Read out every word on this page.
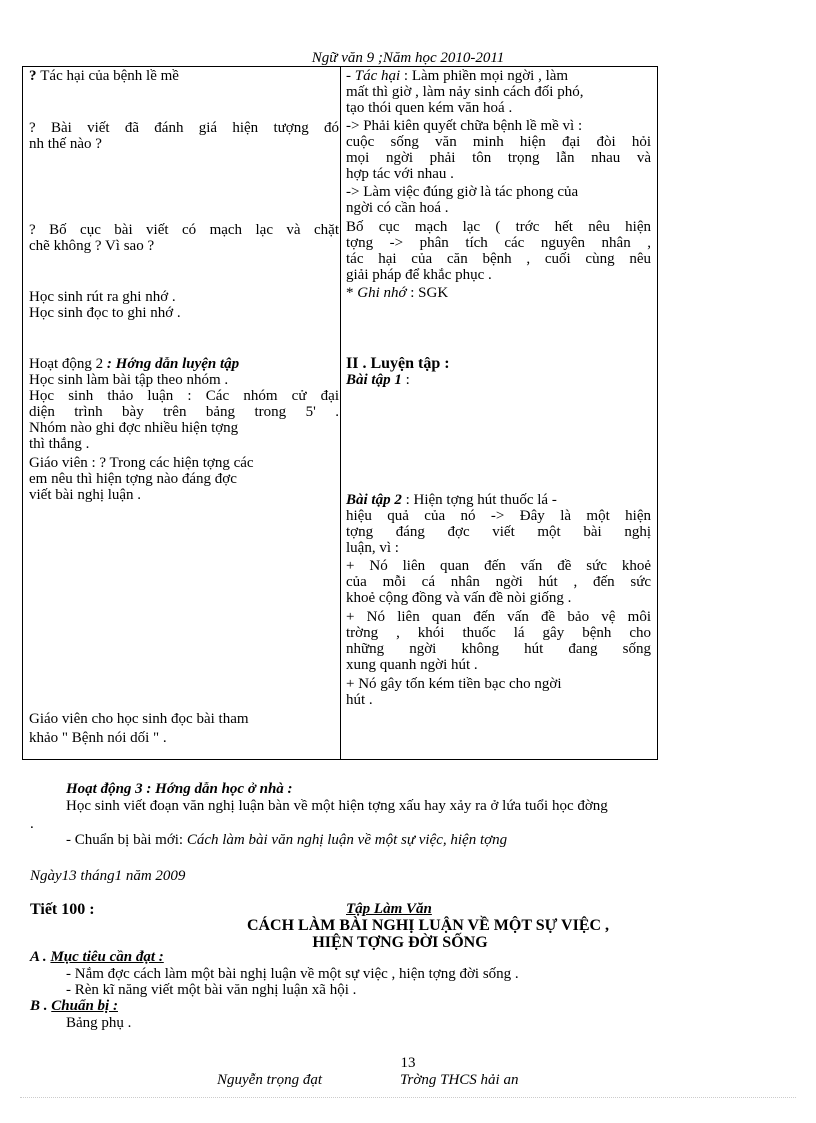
Ngữ văn 9 ;Năm học 2010-2011
? Tác hại của bệnh lề mề
? Bài viết đã đánh giá hiện tượng đó
nh thế nào ?
? Bố cục bài viết có mạch lạc và chặt
chẽ không ? Vì sao ?
Học sinh rút ra ghi nhớ .
Học sinh đọc to ghi nhớ .
Hoạt động 2 : Hớng dẫn luyện tập
Học sinh làm bài tập theo nhóm .
Học sinh thảo luận : Các nhóm cử đại
diện trình bày trên bảng trong 5' .
Nhóm nào ghi đợc nhiều hiện tợng
thì thắng .
Giáo viên : ? Trong các hiện tợng các
em nêu thì hiện tợng nào đáng đợc
viết bài nghị luận .
Giáo viên cho học sinh đọc bài tham
khảo " Bệnh nói dối " .
- Tác hại : Làm phiền mọi ngời , làm
mất thì giờ , làm nảy sinh cách đối phó,
tạo thói quen kém văn hoá .
-> Phải kiên quyết chữa bệnh lề mề vì :
cuộc sống văn minh hiện đại đòi hỏi
mọi ngời phải tôn trọng lẫn nhau và
hợp tác với nhau .
-> Làm việc đúng giờ là tác phong của
ngời có cần hoá .
Bố cục mạch lạc ( trớc hết nêu hiện
tợng -> phân tích các nguyên nhân ,
tác hại của căn bệnh , cuối cùng nêu
giải pháp để khắc phục .
* Ghi nhớ : SGK
II . Luyện tập :
Bài tập 1 :
Bài tập 2 : Hiện tợng hút thuốc lá -
hiệu quả của nó -> Đây là một hiện
tợng đáng đợc viết một bài nghị
luận, vì :
+ Nó liên quan đến vấn đề sức khoẻ
của mỗi cá nhân ngời hút , đến sức
khoẻ cộng đồng và vấn đề nòi giống .
+ Nó liên quan đến vấn đề bảo vệ môi
trờng , khói thuốc lá gây bệnh cho
những ngời không hút đang sống
xung quanh ngời hút .
+ Nó gây tốn kém tiền bạc cho ngời
hút .
Hoạt động 3 : Hớng dẫn học ở nhà :
Học sinh viết đoạn văn nghị luận bàn về một hiện tợng xấu hay xảy ra ở lứa tuổi học đờng
.
- Chuẩn bị bài mới: Cách làm bài văn nghị luận về một sự việc, hiện tợng
Ngày13 tháng1 năm 2009
Tiết 100 :	Tập Làm Văn
CÁCH LÀM BÀI NGHỊ LUẬN VỀ MỘT SỰ VIỆC ,
HIỆN TỢNG ĐỜI SỐNG
A . Mục tiêu cần đạt :
- Nắm đợc cách làm một bài nghị luận về một sự việc , hiện tợng đời sống .
- Rèn kĩ năng viết một bài văn nghị luận xã hội .
B . Chuẩn bị :
Bảng phụ .
13
Nguyễn trọng đạt	Trờng THCS hải an
